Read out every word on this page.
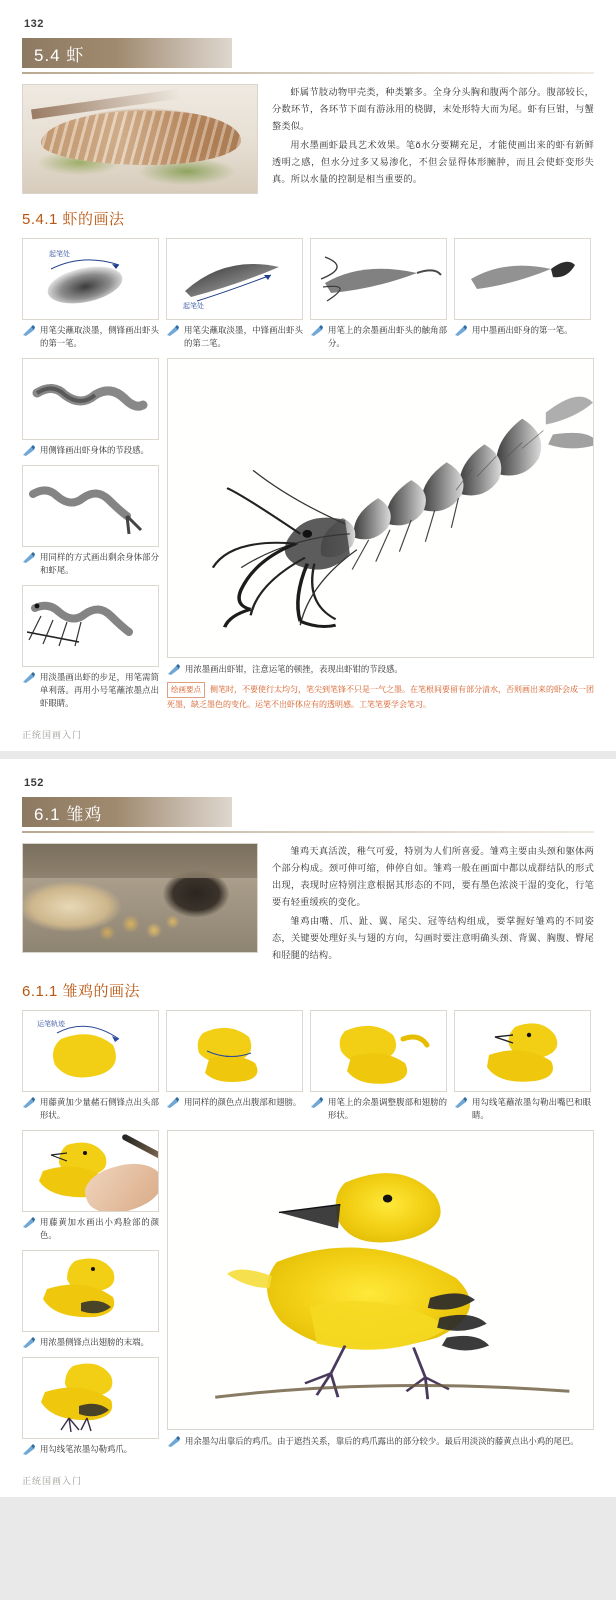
132
5.4 虾

虾属节肢动物甲壳类，种类繁多。全身分头胸和腹两个部分。腹部较长，分数环节，各环节下面有游泳用的桡脚，末处形特大而为尾。虾有巨钳，与蟹螯类似。

用水墨画虾最具艺术效果。笔õ水分要糊充足，才能使画出来的虾有新鲜透明之感，但水分过多又易渗化，不但会显得体形臃肿，而且会使虾变形失真。所以水量的控制是相当重要的。

5.4.1 虾的画法
起笔处
用笔尖蘸取淡墨，侧锋画出虾头的第一笔。
起笔处
用笔尖蘸取淡墨，中锋画出虾头的第二笔。
用笔上的余墨画出虾头的触角部分。
用中墨画出虾身的第一笔。
用侧锋画出虾身体的节段感。
用同样的方式画出剩余身体部分和虾尾。
用淡墨画出虾的步足，用笔需简单利落。再用小号笔蘸浓墨点出虾眼睛。
用浓墨画出虾钳，注意运笔的顿挫，表现出虾钳的节段感。
绘画要点 侧笔时，不要使行太均匀，笔尖到笔锋不只是一气之墨。在笔根间要留有部分清水，否则画出来的虾会成一团死墨，缺乏墨色的变化。运笔不出虾体应有的透明感。工笔笔要学会笔习。
正统国画入门
152
6.1 雏鸡

雏鸡天真活泼，稚气可爱，特别为人们所喜爱。雏鸡主要由头颈和躯体两个部分构成。颈可伸可缩，伸停自如。雏鸡一般在画面中都以成群结队的形式出现，表现时应特别注意根据其形态的不同，要有墨色浓淡干湿的变化，行笔要有轻重缓疾的变化。

雏鸡由嘴、爪、趾、翼、尾尖、冠等结构组成，要掌握好雏鸡的不同姿态，关键要处理好头与翅的方向，勾画时要注意明确头颈、背翼、胸腹、臀尾和胫腿的结构。

6.1.1 雏鸡的画法
运笔轨迹
用藤黄加少量赭石侧锋点出头部形状。
用同样的颜色点出腹部和翅膀。	用笔上的余墨调整腹部和翅膀的形状。
用勾线笔蘸浓墨勾勒出嘴巴和眼睛。
用藤黄加水画出小鸡脸部的颜色。
用浓墨侧锋点出翅膀的末端。
用勾线笔浓墨勾勒鸡爪。
用余墨勾出靠后的鸡爪。由于遮挡关系，靠后的鸡爪露出的部分较少。最后用淡淡的藤黄点出小鸡的尾巴。
正统国画入门
